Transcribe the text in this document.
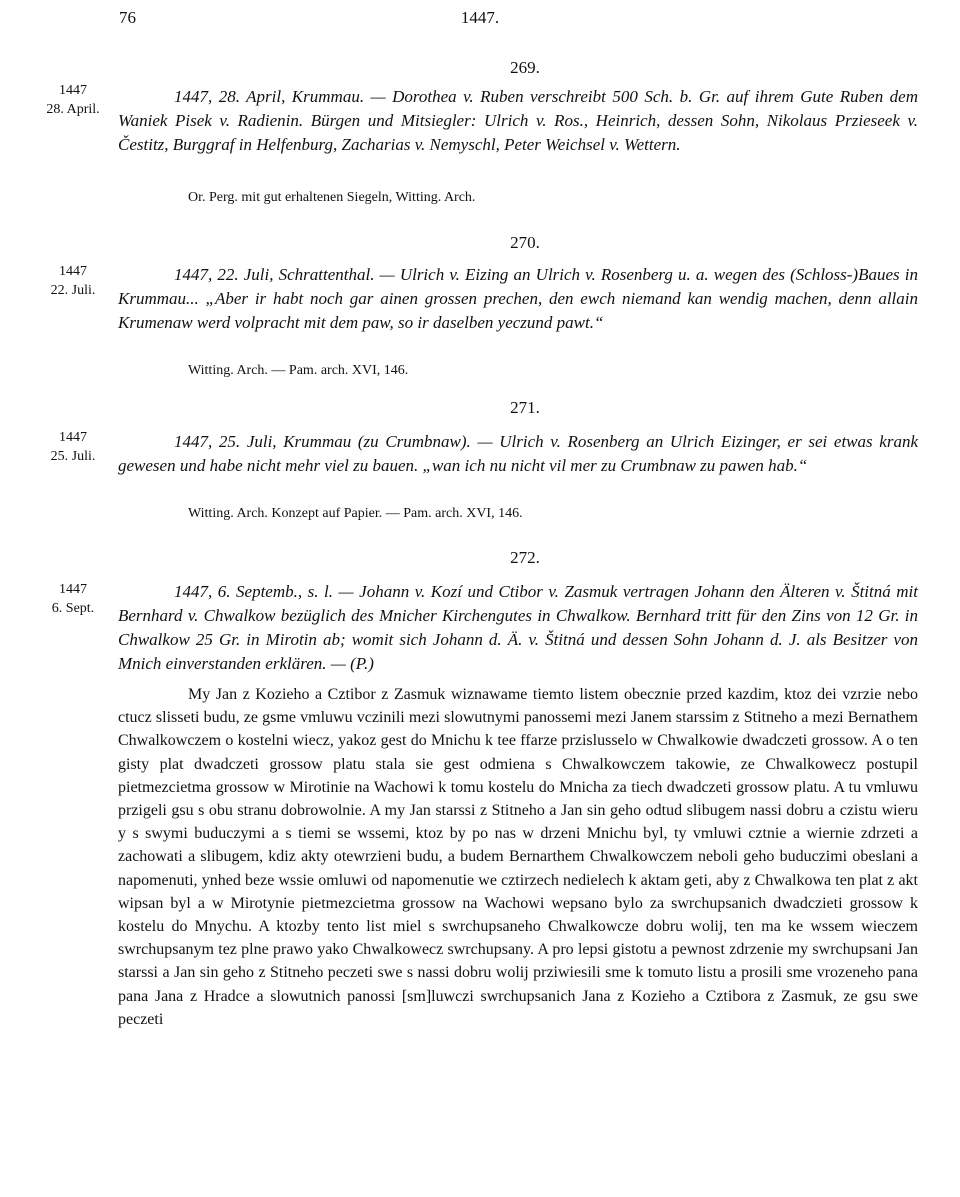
76	1447.
269.
1447
28. April.
1447, 28. April, Krummau. — Dorothea v. Ruben verschreibt 500 Sch. b. Gr. auf ihrem Gute Ruben dem Waniek Pisek v. Radienin. Bürgen und Mitsiegler: Ulrich v. Ros., Heinrich, dessen Sohn, Nikolaus Przieseek v. Čestitz, Burggraf in Helfenburg, Zacharias v. Nemyschl, Peter Weichsel v. Wettern.
Or. Perg. mit gut erhaltenen Siegeln, Witting. Arch.
270.
1447
22. Juli.
1447, 22. Juli, Schrattenthal. — Ulrich v. Eizing an Ulrich v. Rosenberg u. a. wegen des (Schloss-)Baues in Krummau... „Aber ir habt noch gar ainen grossen prechen, den ewch niemand kan wendig machen, denn allain Krumenaw werd volpracht mit dem paw, so ir daselben yeczund pawt.“
Witting. Arch. — Pam. arch. XVI, 146.
271.
1447
25. Juli.
1447, 25. Juli, Krummau (zu Crumbnaw). — Ulrich v. Rosenberg an Ulrich Eizinger, er sei etwas krank gewesen und habe nicht mehr viel zu bauen. „wan ich nu nicht vil mer zu Crumbnaw zu pawen hab.“
Witting. Arch. Konzept auf Papier. — Pam. arch. XVI, 146.
272.
1447
6. Sept.
1447, 6. Septemb., s. l. — Johann v. Kozí und Ctibor v. Zasmuk vertragen Johann den Älteren v. Štitná mit Bernhard v. Chwalkow bezüglich des Mnicher Kirchengutes in Chwalkow. Bernhard tritt für den Zins von 12 Gr. in Chwalkow 25 Gr. in Mirotin ab; womit sich Johann d. Ä. v. Štitná und dessen Sohn Johann d. J. als Besitzer von Mnich einverstanden erklären. — (P.)
My Jan z Kozieho a Cztibor z Zasmuk wiznawame tiemto listem obecznie przed kazdim, ktoz dei vzrzie nebo ctucz slisseti budu, ze gsme vmluwu vczinili mezi slowutnymi panossemi mezi Janem starssim z Stitneho a mezi Bernathem Chwalkowczem o kostelni wiecz, yakoz gest do Mnichu k tee ffarze przislusselo w Chwalkowie dwadczeti grossow. A o ten gisty plat dwadczeti grossow platu stala sie gest odmiena s Chwalkowczem takowie, ze Chwalkowecz postupil pietmezcietma grossow w Mirotinie na Wachowi k tomu kostelu do Mnicha za tiech dwadczeti grossow platu. A tu vmluwu przigeli gsu s obu stranu dobrowolnie. A my Jan starssi z Stitneho a Jan sin geho odtud slibugem nassi dobru a czistu wieru y s swymi buduczymi a s tiemi se wssemi, ktoz by po nas w drzeni Mnichu byl, ty vmluwi cztnie a wiernie zdrzeti a zachowati a slibugem, kdiz akty otewrzieni budu, a budem Bernarthem Chwalkowczem neboli geho buduczimi obeslani a napomenuti, ynhed beze wssie omluwi od napomenutie we cztirzech nedielech k aktam geti, aby z Chwalkowa ten plat z akt wipsan byl a w Mirotynie pietmezcietma grossow na Wachowi wepsano bylo za swrchupsanich dwadczieti grossow k kostelu do Mnychu. A ktozby tento list miel s swrchupsaneho Chwalkowcze dobru wolij, ten ma ke wssem wieczem swrchupsanym tez plne prawo yako Chwalkowecz swrchupsany. A pro lepsi gistotu a pewnost zdrzenie my swrchupsani Jan starssi a Jan sin geho z Stitneho peczeti swe s nassi dobru wolij prziwiesili sme k tomuto listu a prosili sme vrozeneho pana pana Jana z Hradce a slowutnich panossi [sm]luwczi swrchupsanich Jana z Kozieho a Cztibora z Zasmuk, ze gsu swe peczeti
